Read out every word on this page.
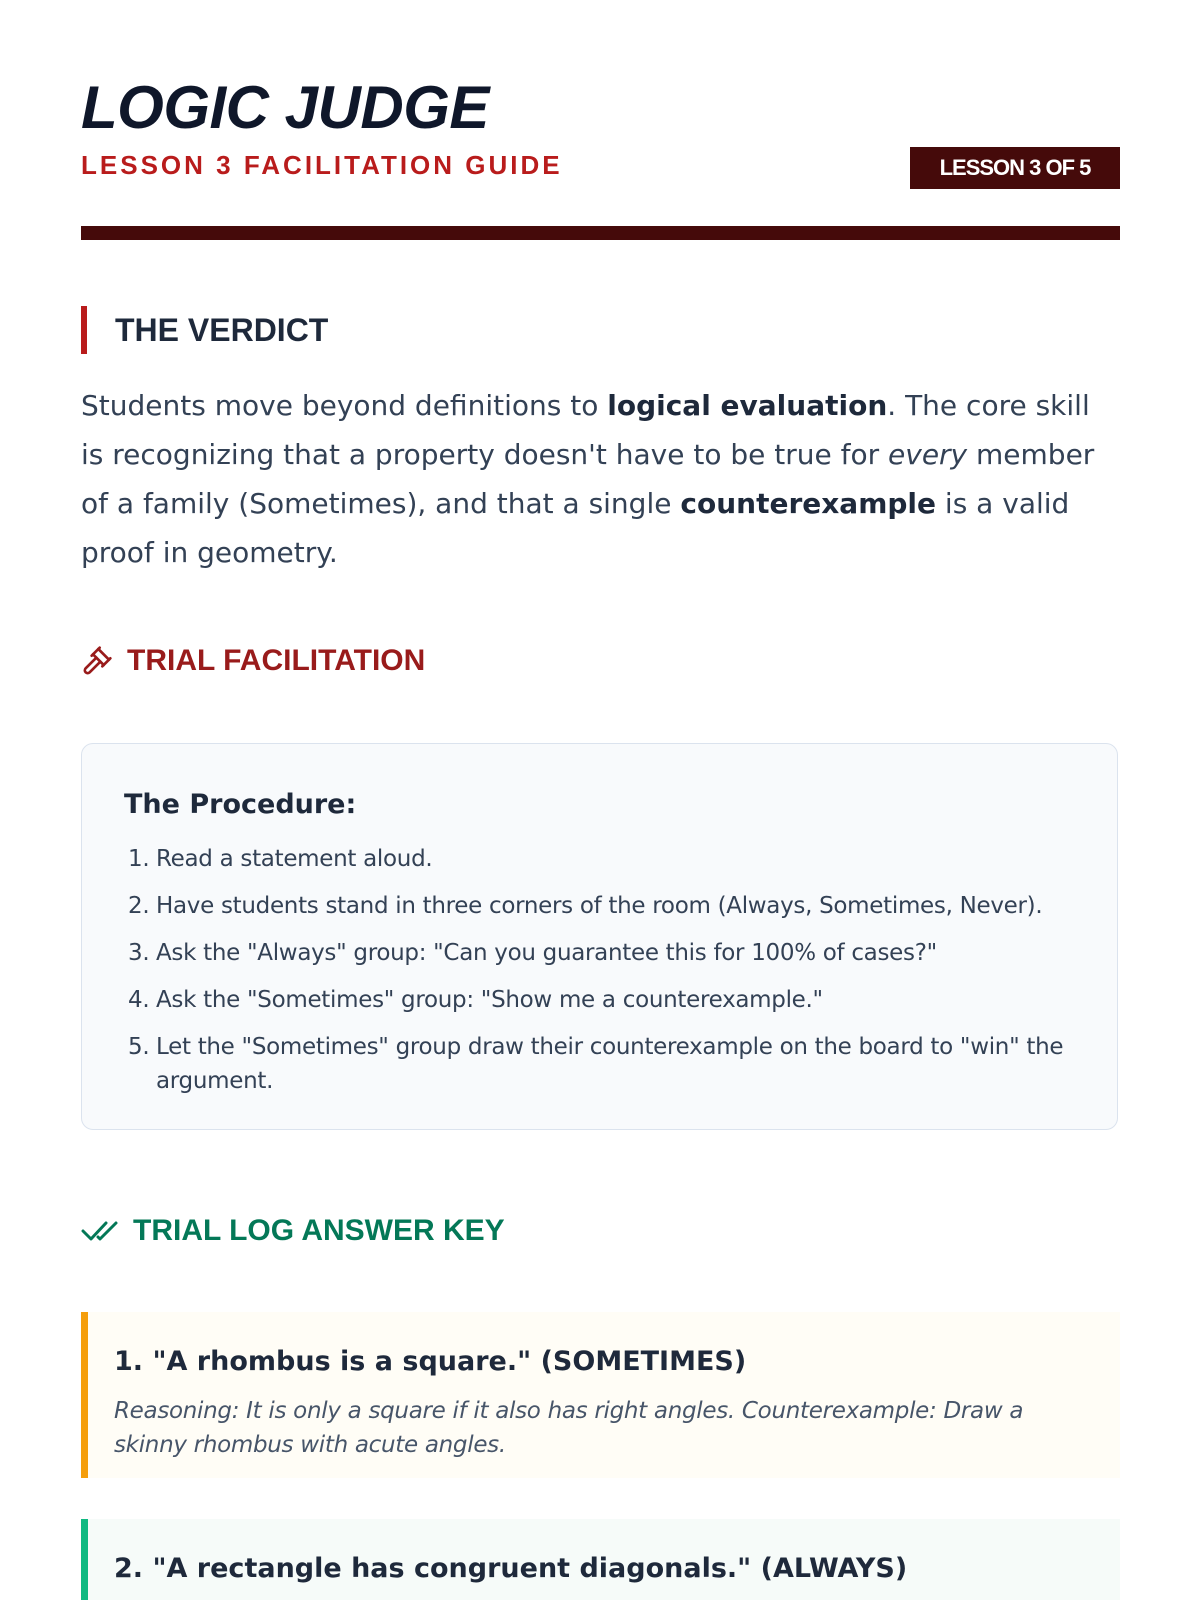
LOGIC JUDGE
LESSON 3 FACILITATION GUIDE	LESSON 3 OF 5
THE VERDICT

Students move beyond definitions to logical evaluation. The core skill is recognizing that a property doesn't have to be true for every member of a family (Sometimes), and that a single counterexample is a valid proof in geometry.

TRIAL FACILITATION
The Procedure:
1. Read a statement aloud.
2. Have students stand in three corners of the room (Always, Sometimes, Never).
3. Ask the "Always" group: "Can you guarantee this for 100% of cases?"
4. Ask the "Sometimes" group: "Show me a counterexample."
5. Let the "Sometimes" group draw their counterexample on the board to "win" the argument.
TRIAL LOG ANSWER KEY
1. "A rhombus is a square." (SOMETIMES)

Reasoning: It is only a square if it also has right angles. Counterexample: Draw a skinny rhombus with acute angles.

2. "A rectangle has congruent diagonals." (ALWAYS)
